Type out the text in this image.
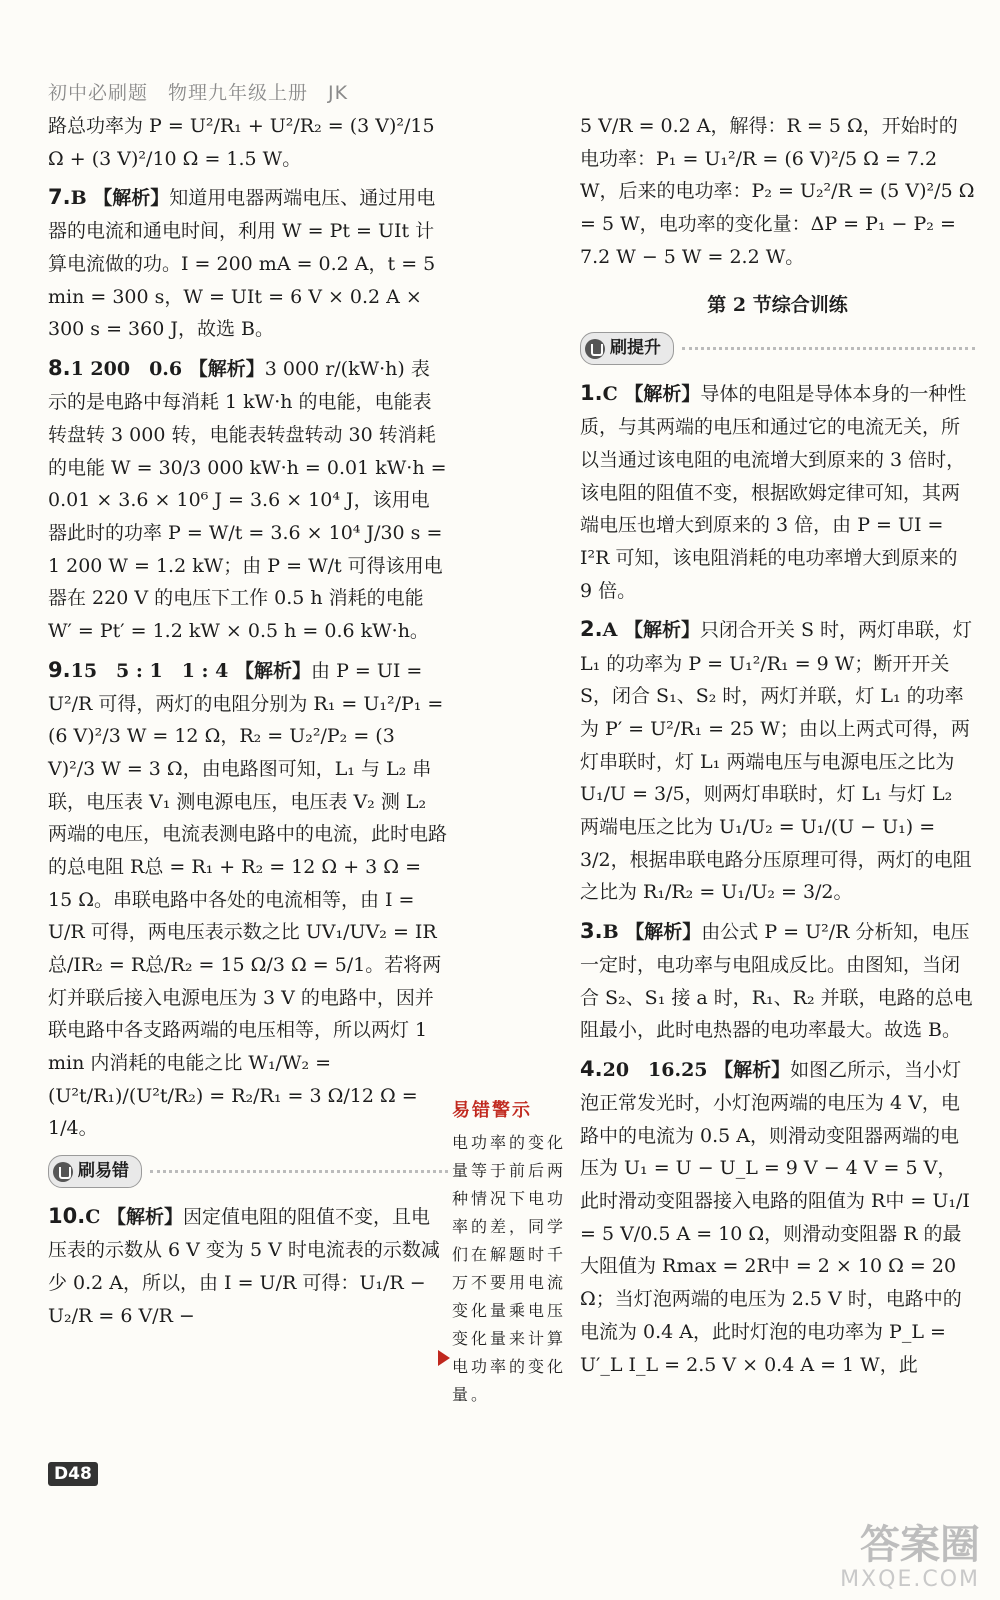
初中必刷题　物理九年级上册　JK
路总功率为 P = U²/R₁ + U²/R₂ = (3 V)²/15 Ω + (3 V)²/10 Ω = 1.5 W。
7.B 【解析】知道用电器两端电压、通过用电器的电流和通电时间，利用 W = Pt = UIt 计算电流做的功。I = 200 mA = 0.2 A，t = 5 min = 300 s，W = UIt = 6 V × 0.2 A × 300 s = 360 J，故选 B。
8.1 200　0.6 【解析】3 000 r/(kW·h) 表示的是电路中每消耗 1 kW·h 的电能，电能表转盘转 3 000 转，电能表转盘转动 30 转消耗的电能 W = 30/3 000 kW·h = 0.01 kW·h = 0.01 × 3.6 × 10⁶ J = 3.6 × 10⁴ J，该用电器此时的功率 P = W/t = 3.6 × 10⁴ J/30 s = 1 200 W = 1.2 kW；由 P = W/t 可得该用电器在 220 V 的电压下工作 0.5 h 消耗的电能 W′ = Pt′ = 1.2 kW × 0.5 h = 0.6 kW·h。
9.15　5 : 1　1 : 4 【解析】由 P = UI = U²/R 可得，两灯的电阻分别为 R₁ = U₁²/P₁ = (6 V)²/3 W = 12 Ω，R₂ = U₂²/P₂ = (3 V)²/3 W = 3 Ω，由电路图可知，L₁ 与 L₂ 串联，电压表 V₁ 测电源电压，电压表 V₂ 测 L₂ 两端的电压，电流表测电路中的电流，此时电路的总电阻 R总 = R₁ + R₂ = 12 Ω + 3 Ω = 15 Ω。串联电路中各处的电流相等，由 I = U/R 可得，两电压表示数之比 UV₁/UV₂ = IR总/IR₂ = R总/R₂ = 15 Ω/3 Ω = 5/1。若将两灯并联后接入电源电压为 3 V 的电路中，因并联电路中各支路两端的电压相等，所以两灯 1 min 内消耗的电能之比 W₁/W₂ = (U²t/R₁)/(U²t/R₂) = R₂/R₁ = 3 Ω/12 Ω = 1/4。
刷易错
10.C 【解析】因定值电阻的阻值不变，且电压表的示数从 6 V 变为 5 V 时电流表的示数减少 0.2 A，所以，由 I = U/R 可得：U₁/R − U₂/R = 6 V/R −
易错警示
电功率的变化量等于前后两种情况下电功率的差，同学们在解题时千万不要用电流变化量乘电压变化量来计算电功率的变化量。
5 V/R = 0.2 A，解得：R = 5 Ω，开始时的电功率：P₁ = U₁²/R = (6 V)²/5 Ω = 7.2 W，后来的电功率：P₂ = U₂²/R = (5 V)²/5 Ω = 5 W，电功率的变化量：ΔP = P₁ − P₂ = 7.2 W − 5 W = 2.2 W。
第 2 节综合训练
刷提升
1.C 【解析】导体的电阻是导体本身的一种性质，与其两端的电压和通过它的电流无关，所以当通过该电阻的电流增大到原来的 3 倍时，该电阻的阻值不变，根据欧姆定律可知，其两端电压也增大到原来的 3 倍，由 P = UI = I²R 可知，该电阻消耗的电功率增大到原来的 9 倍。
2.A 【解析】只闭合开关 S 时，两灯串联，灯 L₁ 的功率为 P = U₁²/R₁ = 9 W；断开开关 S，闭合 S₁、S₂ 时，两灯并联，灯 L₁ 的功率为 P′ = U²/R₁ = 25 W；由以上两式可得，两灯串联时，灯 L₁ 两端电压与电源电压之比为 U₁/U = 3/5，则两灯串联时，灯 L₁ 与灯 L₂ 两端电压之比为 U₁/U₂ = U₁/(U − U₁) = 3/2，根据串联电路分压原理可得，两灯的电阻之比为 R₁/R₂ = U₁/U₂ = 3/2。
3.B 【解析】由公式 P = U²/R 分析知，电压一定时，电功率与电阻成反比。由图知，当闭合 S₂、S₁ 接 a 时，R₁、R₂ 并联，电路的总电阻最小，此时电热器的电功率最大。故选 B。
4.20　16.25 【解析】如图乙所示，当小灯泡正常发光时，小灯泡两端的电压为 4 V，电路中的电流为 0.5 A，则滑动变阻器两端的电压为 U₁ = U − U_L = 9 V − 4 V = 5 V，此时滑动变阻器接入电路的阻值为 R中 = U₁/I = 5 V/0.5 A = 10 Ω，则滑动变阻器 R 的最大阻值为 Rmax = 2R中 = 2 × 10 Ω = 20 Ω；当灯泡两端的电压为 2.5 V 时，电路中的电流为 0.4 A，此时灯泡的电功率为 P_L = U′_L I_L = 2.5 V × 0.4 A = 1 W，此
D48
答案圈
MXQE.COM
